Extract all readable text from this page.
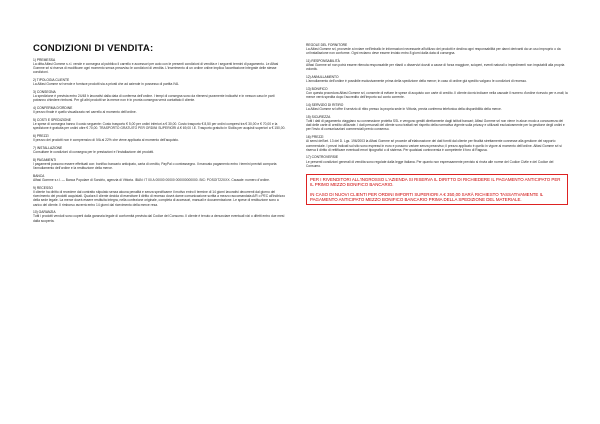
CONDIZIONI DI VENDITA:

1) PREMESSA
La ditta Alfasi Gomme s.r.l. vende e consegna al pubblico il carrello e accessori per auto con le presenti condizioni di vendita e i seguenti termini di pagamento. Le Alfasi Gomme srl si riserva di modificare ogni momento senza preavviso le condizioni di vendita. L'inserimento di un ordine online implica l'accettazione integrale delle stesse condizioni.

2) TIPOLOGIA CLIENTE
La Alfasi Gomme srl vende e fornisce prodotti sia a privati che ad aziende in possesso di partita IVA.

3) CONSEGNA
La spedizione è prevista entro 24/48 h lavorativi dalla data di conferma dell'ordine. I tempi di consegna sono da ritenersi puramente indicativi e in nessun caso le parti potranno chiedere rimborsi. Per gli altri prodotti se la merce non è in pronta consegna verrà contattato il cliente.

4) CONFERMA D'ORDINE
Il prezzo finale è quello visualizzato nel carrello al momento dell'ordine.

5) COSTI E SPEDIZIONE
Le spese di consegna hanno il costo seguente: Costo trasporto € 5,00 per ordini inferiori a € 30,00. Costo trasporto € 8,50 per ordini compresi tra € 30,00 e € 70,00 e la spedizione è gratuita per ordini oltre € 70,00. TRASPORTO GRATUITO PER ORDINI SUPERIORI A € 69,00 I.E. Trasporto gratuito in Sicilia per acquisti superiori a € 150,00.

6) PREZZI
Il prezzo dei prodotti non è comprensivo di IVA al 22% che viene applicata al momento dell'acquisto.

7) INSTALLAZIONE
Consultare le condizioni di consegna per le prestazioni e l'installazione dei prodotti.

8) PAGAMENTI
I pagamenti possono essere effettuati con: bonifico bancario anticipato, carta di credito, PayPal o contrassegno. Il mancato pagamento entro i termini previsti comporta l'annullamento dell'ordine e la restituzione della merce.

BANCA
Alfasi Gomme s.r.l. — Banca Popolare di Sondrio, agenzia di Vittoria. IBAN: IT 00 A 00000 00000 000000000000. BIC: POSOIT22XXX. Causale: numero d'ordine.

9) RECESSO
Il cliente ha diritto di recedere dal contratto stipulato senza alcuna penalità e senza specificarne il motivo entro il termine di 14 giorni lavorativi decorrenti dal giorno del ricevimento dei prodotti acquistati. Qualora il cliente decida di esercitare il diritto di recesso dovrà darne comunicazione scritta a mezzo raccomandata A/R o PEC all'indirizzo della sede legale. La merce dovrà essere restituita integra, nella confezione originale, completa di accessori, manuali e documentazione. Le spese di restituzione sono a carico del cliente. Il rimborso avverrà entro 14 giorni dal ricevimento della merce resa.

10) GARANZIA
Tutti i prodotti venduti sono coperti dalla garanzia legale di conformità prevista dal Codice del Consumo. Il cliente è tenuto a denunciare eventuali vizi o difetti entro due mesi dalla scoperta.

REGOLE DEL FORNITORE
La Alfasi Gomme srl, provvede a inviare nell'imballo le informazioni necessarie all'utilizzo dei prodotti e declina ogni responsabilità per danni derivanti da un uso improprio o da un'installazione non conforme. Ogni reclamo deve essere inviato entro 8 giorni dalla data di consegna.

11) RESPONSABILITÀ
Alfasi Gomme srl non potrà essere ritenuta responsabile per ritardi o disservizi dovuti a cause di forza maggiore, scioperi, eventi naturali o impedimenti non imputabili alla propria volontà.

12) ANNULLAMENTO
L'annullamento dell'ordine è possibile esclusivamente prima della spedizione della merce; in caso di ordine già spedito valgono le condizioni di recesso.

13) BONIFICO
Con questa procedura Alfasi Gomme srl, consente di evitare le spese di acquisto con carte di credito. Il cliente dovrà indicare nella causale il numero d'ordine ricevuto per e-mail; la merce verrà spedita dopo l'accredito dell'importo sul conto corrente.

14) SERVIZIO DI RITIRO
La Alfasi Gomme srl offre il servizio di ritiro presso la propria sede in Vittoria, previa conferma telefonica della disponibilità della merce.

15) SICUREZZA
Tutti i dati di pagamento viaggiano su connessione protetta SSL e vengono gestiti direttamente dagli istituti bancari; Alfasi Gomme srl non viene in alcun modo a conoscenza dei dati delle carte di credito utilizzate. I dati personali del cliente sono trattati nel rispetto della normativa vigente sulla privacy e utilizzati esclusivamente per la gestione degli ordini e per l'invio di comunicazioni commerciali previo consenso.

16) PREZZI
Ai sensi dell'art. 13 del D. Lgs. 196/2003 la Alfasi Gomme srl procede all'elaborazione dei dati forniti dal cliente per finalità strettamente connesse alla gestione del rapporto commerciale. I prezzi indicati sul sito sono espressi in euro e possono variare senza preavviso; il prezzo applicato è quello in vigore al momento dell'ordine. Alfasi Gomme srl si riserva il diritto di rettificare eventuali errori tipografici o di sistema. Per qualsiasi controversia è competente il foro di Ragusa.

17) CONTROVERSIE
Le presenti condizioni generali di vendita sono regolate dalla legge italiana. Per quanto non espressamente previsto si rinvia alle norme del Codice Civile e del Codice del Consumo.

PER I RIVENDITORI ALL'INGROSSO L'AZIENDA SI RISERVA IL DIRITTO DI RICHIEDERE IL PAGAMENTO ANTICIPATO PER IL PRIMO MEZZO BONIFICO BANCARIO.

IN CASO DI NUOVI CLIENTI PER ORDINI IMPORTI SUPERIORI A € 350,00 SARÀ RICHIESTO TASSATIVAMENTE IL PAGAMENTO ANTICIPATO MEZZO BONIFICO BANCARIO PRIMA DELLA SPEDIZIONE DEL MATERIALE.
